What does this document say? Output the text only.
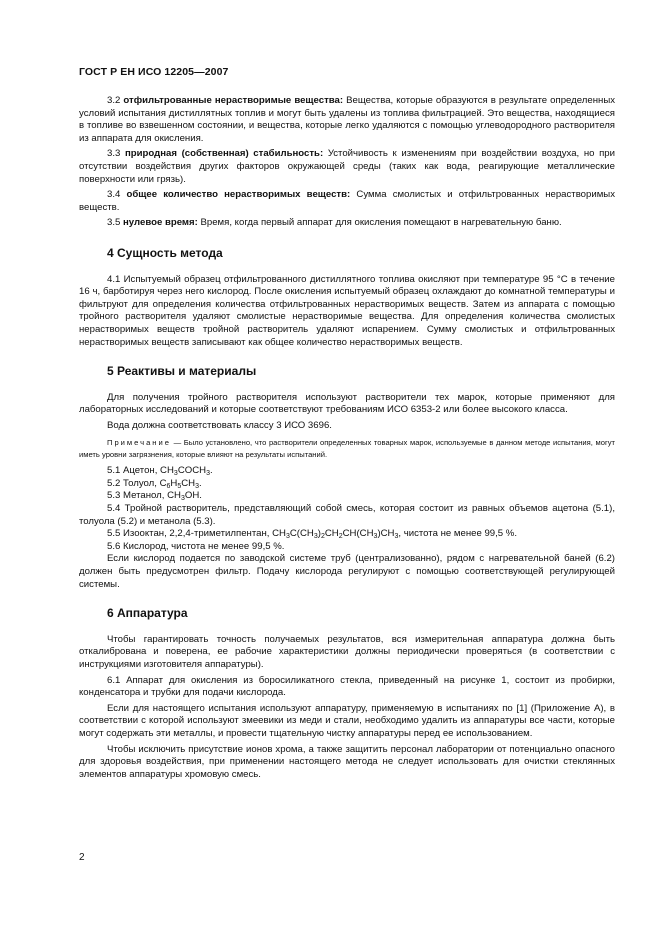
ГОСТ Р ЕН ИСО 12205—2007

3.2 отфильтрованные нерастворимые вещества: Вещества, которые образуются в результате определенных условий испытания дистиллятных топлив и могут быть удалены из топлива фильтрацией. Это вещества, находящиеся в топливе во взвешенном состоянии, и вещества, которые легко удаляются с помощью углеводородного растворителя из аппарата для окисления.

3.3 природная (собственная) стабильность: Устойчивость к изменениям при воздействии воздуха, но при отсутствии воздействия других факторов окружающей среды (таких как вода, реагирующие металлические поверхности или грязь).

3.4 общее количество нерастворимых веществ: Сумма смолистых и отфильтрованных нерастворимых веществ.

3.5 нулевое время: Время, когда первый аппарат для окисления помещают в нагревательную баню.

4 Сущность метода

4.1 Испытуемый образец отфильтрованного дистиллятного топлива окисляют при температуре 95 °С в течение 16 ч, барботируя через него кислород. После окисления испытуемый образец охлаждают до комнатной температуры и фильтруют для определения количества отфильтрованных нерастворимых веществ. Затем из аппарата с помощью тройного растворителя удаляют смолистые нерастворимые вещества. Для определения количества смолистых нерастворимых веществ тройной растворитель удаляют испарением. Сумму смолистых и отфильтрованных нерастворимых веществ записывают как общее количество нерастворимых веществ.

5 Реактивы и материалы

Для получения тройного растворителя используют растворители тех марок, которые применяют для лабораторных исследований и которые соответствуют требованиям ИСО 6353-2 или более высокого класса.

Вода должна соответствовать классу 3 ИСО 3696.

Примечание — Было установлено, что растворители определенных товарных марок, используемые в данном методе испытания, могут иметь уровни загрязнения, которые влияют на результаты испытаний.

5.1 Ацетон, $CH_3COCH_3$.

5.2 Толуол, $C_6H_5CH_3$.

5.3 Метанол, $CH_3OH$.

5.4 Тройной растворитель, представляющий собой смесь, которая состоит из равных объемов ацетона (5.1), толуола (5.2) и метанола (5.3).

5.5 Изооктан, 2,2,4-триметилпентан, $CH_3C(CH_3)_2CH_2CH(CH_3)CH_3$, чистота не менее 99,5 %.

5.6 Кислород, чистота не менее 99,5 %.

Если кислород подается по заводской системе труб (централизованно), рядом с нагревательной баней (6.2) должен быть предусмотрен фильтр. Подачу кислорода регулируют с помощью соответствующей регулирующей системы.

6 Аппаратура

Чтобы гарантировать точность получаемых результатов, вся измерительная аппаратура должна быть откалибрована и поверена, ее рабочие характеристики должны периодически проверяться (в соответствии с инструкциями изготовителя аппаратуры).

6.1 Аппарат для окисления из боросиликатного стекла, приведенный на рисунке 1, состоит из пробирки, конденсатора и трубки для подачи кислорода.

Если для настоящего испытания используют аппаратуру, применяемую в испытаниях по [1] (Приложение А), в соответствии с которой используют змеевики из меди и стали, необходимо удалить из аппаратуры все части, которые могут содержать эти металлы, и провести тщательную чистку аппаратуры перед ее использованием.

Чтобы исключить присутствие ионов хрома, а также защитить персонал лаборатории от потенциально опасного для здоровья воздействия, при применении настоящего метода не следует использовать для очистки стеклянных элементов аппаратуры хромовую смесь.

2
